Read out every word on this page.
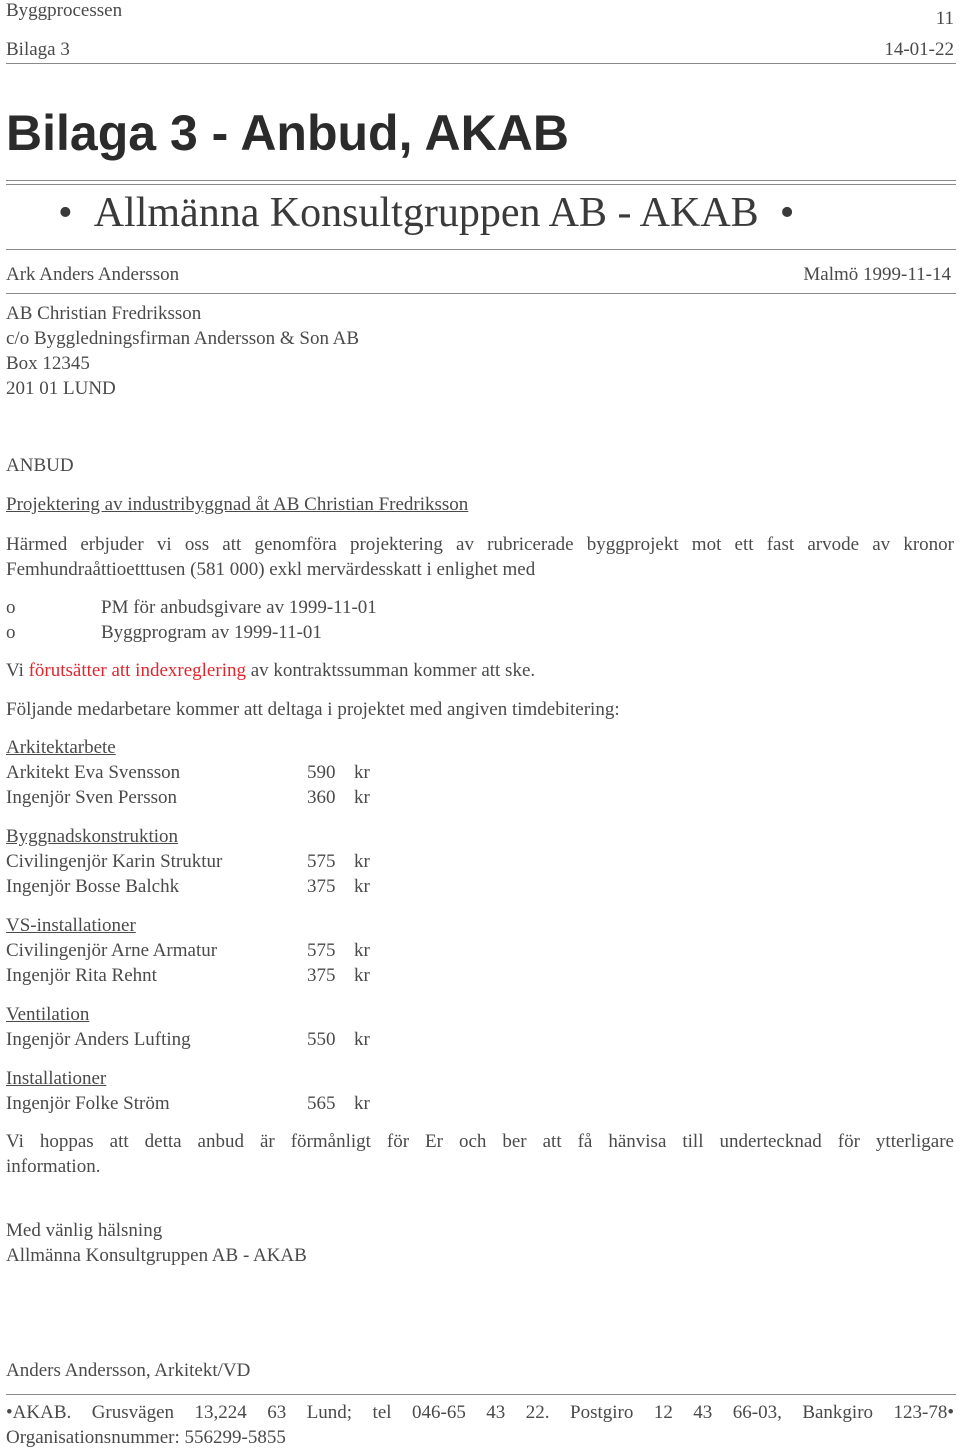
Byggprocessen	11
Bilaga 3	14-01-22
Bilaga 3 - Anbud, AKAB
•  Allmänna Konsultgruppen AB - AKAB  •
Ark Anders Andersson	Malmö 1999-11-14
AB Christian Fredriksson
c/o Byggledningsfirman Andersson & Son AB
Box 12345
201 01 LUND
ANBUD
Projektering av industribyggnad åt AB Christian Fredriksson
Härmed erbjuder vi oss att genomföra projektering av rubricerade byggprojekt mot ett fast arvode av kronor
Femhundraåttioetttusen (581 000) exkl mervärdesskatt i enlighet med
o	PM för anbudsgivare av 1999-11-01
o	Byggprogram av 1999-11-01
Vi förutsätter att indexreglering av kontraktssumman kommer att ske.
Följande medarbetare kommer att deltaga i projektet med angiven timdebitering:
Arkitektarbete
Arkitekt Eva Svensson	590 kr
Ingenjör Sven Persson	360 kr
Byggnadskonstruktion
Civilingenjör Karin Struktur	575 kr
Ingenjör Bosse Balchk	375 kr
VS-installationer
Civilingenjör Arne Armatur	575 kr
Ingenjör Rita Rehnt	375 kr
Ventilation
Ingenjör Anders Lufting	550 kr
Installationer
Ingenjör Folke Ström	565 kr
Vi hoppas att detta anbud är förmånligt för Er och ber att få hänvisa till undertecknad för ytterligare
information.
Med vänlig hälsning
Allmänna Konsultgruppen AB - AKAB
Anders Andersson, Arkitekt/VD
•AKAB. Grusvägen 13,224 63 Lund; tel 046-65 43 22. Postgiro 12 43 66-03, Bankgiro 123-78•
Organisationsnummer: 556299-5855
